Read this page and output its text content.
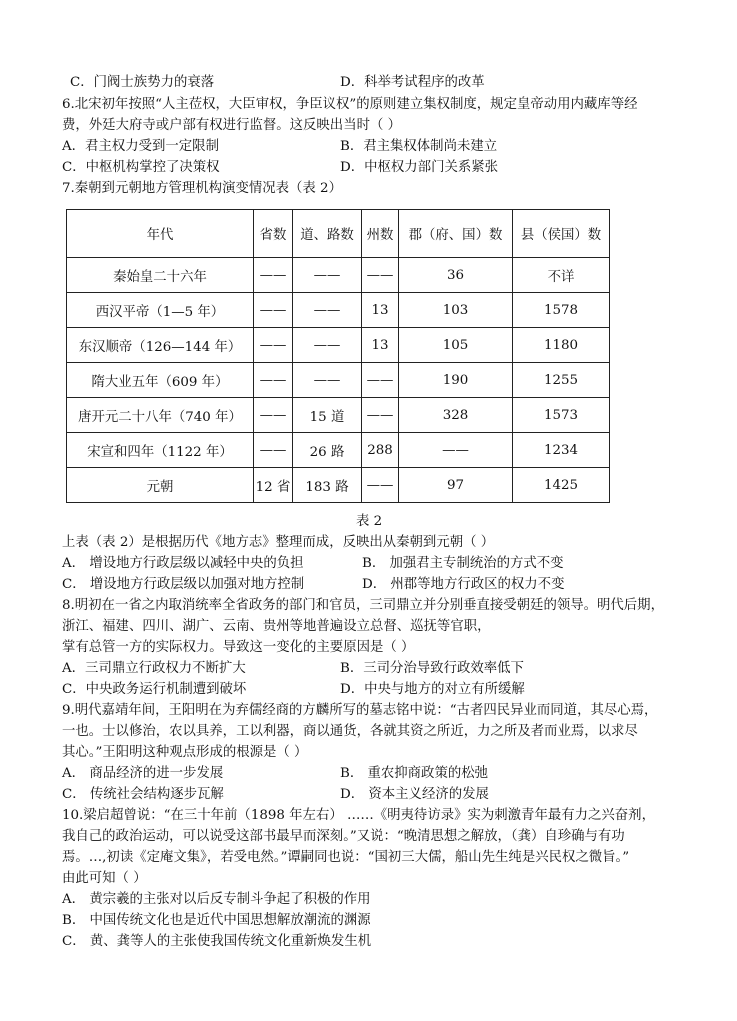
C．门阀士族势力的衰落	D．科举考试程序的改革
6.北宋初年按照“人主莅权，大臣审权，争臣议权”的原则建立集权制度，规定皇帝动用内藏库等经
费，外廷大府寺或户部有权进行监督。这反映出当时（ ）
A．君主权力受到一定限制	B．君主集权体制尚未建立
C．中枢机构掌控了决策权	D．中枢权力部门关系紧张
7.秦朝到元朝地方管理机构演变情况表（表 2）
年代	省数	道、路数	州数	郡（府、国）数	县（侯国）数
秦始皇二十六年	——	——	——	36	不详
西汉平帝（1—5 年）	——	——	13	103	1578
东汉顺帝（126—144 年）	——	——	13	105	1180
隋大业五年（609 年）	——	——	——	190	1255
唐开元二十八年（740 年）	——	15 道	——	328	1573
宋宣和四年（1122 年）	——	26 路	288	——	1234
元朝	12 省	183 路	——	97	1425
表 2
上表（表 2）是根据历代《地方志》整理而成，反映出从秦朝到元朝（ ）
A． 增设地方行政层级以减轻中央的负担	B． 加强君主专制统治的方式不变
C． 增设地方行政层级以加强对地方控制	D． 州郡等地方行政区的权力不变
8.明初在一省之内取消统率全省政务的部门和官员，三司鼎立并分别垂直接受朝廷的领导。明代后期，
浙江、福建、四川、湖广、云南、贵州等地普遍设立总督、巡抚等官职，
掌有总管一方的实际权力。导致这一变化的主要原因是（ ）
A．三司鼎立行政权力不断扩大	B．三司分治导致行政效率低下
C．中央政务运行机制遭到破坏	D．中央与地方的对立有所缓解
9.明代嘉靖年间，王阳明在为弃儒经商的方麟所写的墓志铭中说：“古者四民异业而同道，其尽心焉，
一也。士以修治，农以具养，工以利器，商以通货，各就其资之所近，力之所及者而业焉，以求尽
其心。”王阳明这种观点形成的根源是（ ）
A． 商品经济的进一步发展	B． 重农抑商政策的松弛
C． 传统社会结构逐步瓦解	D． 资本主义经济的发展
10.梁启超曾说：“在三十年前（1898 年左右） ……《明夷待访录》实为刺激青年最有力之兴奋剂，
我自己的政治运动，可以说受这部书最早而深刻。”又说：“晚清思想之解放，（龚）自珍确与有功
焉。…,初读《定庵文集》，若受电然。”谭嗣同也说：“国初三大儒，船山先生纯是兴民权之微旨。”
由此可知（ ）
A． 黄宗羲的主张对以后反专制斗争起了积极的作用
B． 中国传统文化也是近代中国思想解放潮流的渊源
C． 黄、龚等人的主张使我国传统文化重新焕发生机
